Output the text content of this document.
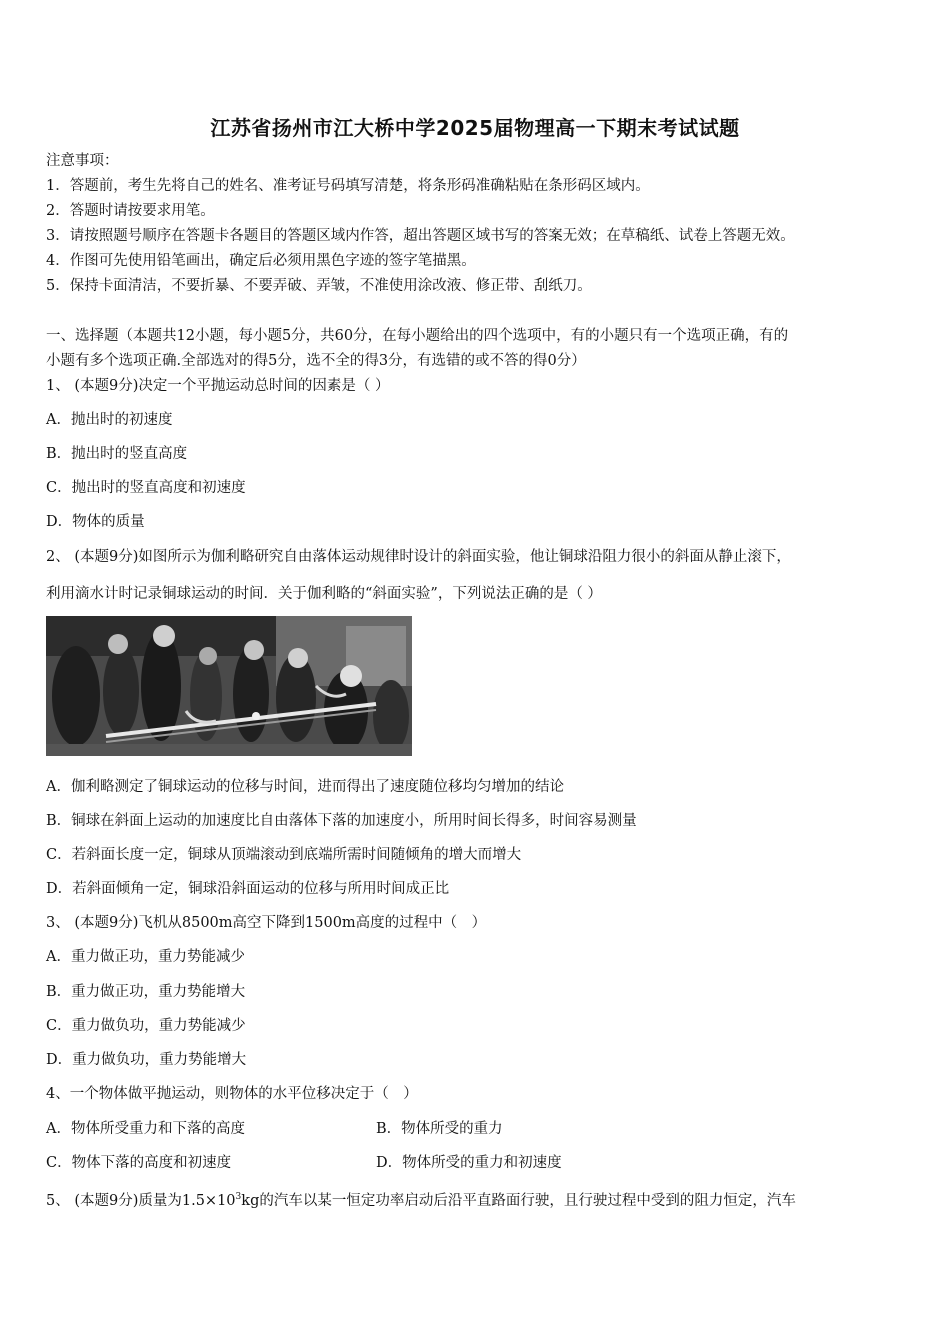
江苏省扬州市江大桥中学2025届物理高一下期末考试试题
注意事项：
1．答题前，考生先将自己的姓名、准考证号码填写清楚，将条形码准确粘贴在条形码区域内。
2．答题时请按要求用笔。
3．请按照题号顺序在答题卡各题目的答题区域内作答，超出答题区域书写的答案无效；在草稿纸、试卷上答题无效。
4．作图可先使用铅笔画出，确定后必须用黑色字迹的签字笔描黑。
5．保持卡面清洁，不要折暴、不要弄破、弄皱，不准使用涂改液、修正带、刮纸刀。
一、选择题（本题共12小题，每小题5分，共60分，在每小题给出的四个选项中，有的小题只有一个选项正确，有的
小题有多个选项正确.全部选对的得5分，选不全的得3分，有选错的或不答的得0分）
1、 (本题9分)决定一个平抛运动总时间的因素是（ ）
A．抛出时的初速度
B．抛出时的竖直高度
C．抛出时的竖直高度和初速度
D．物体的质量
2、 (本题9分)如图所示为伽利略研究自由落体运动规律时设计的斜面实验，他让铜球沿阻力很小的斜面从静止滚下，
利用滴水计时记录铜球运动的时间．关于伽利略的“斜面实验”，下列说法正确的是（ ）
A．伽利略测定了铜球运动的位移与时间，进而得出了速度随位移均匀增加的结论
B．铜球在斜面上运动的加速度比自由落体下落的加速度小，所用时间长得多，时间容易测量
C．若斜面长度一定，铜球从顶端滚动到底端所需时间随倾角的增大而增大
D．若斜面倾角一定，铜球沿斜面运动的位移与所用时间成正比
3、 (本题9分)飞机从8500m高空下降到1500m高度的过程中（　）
A．重力做正功，重力势能减少
B．重力做正功，重力势能增大
C．重力做负功，重力势能减少
D．重力做负功，重力势能增大
4、一个物体做平抛运动，则物体的水平位移决定于（　）
A．物体所受重力和下落的高度	B．物体所受的重力
C．物体下落的高度和初速度	D．物体所受的重力和初速度
5、 (本题9分)质量为$1.5\times 10^3kg$的汽车以某一恒定功率启动后沿平直路面行驶，且行驶过程中受到的阻力恒定，汽车
